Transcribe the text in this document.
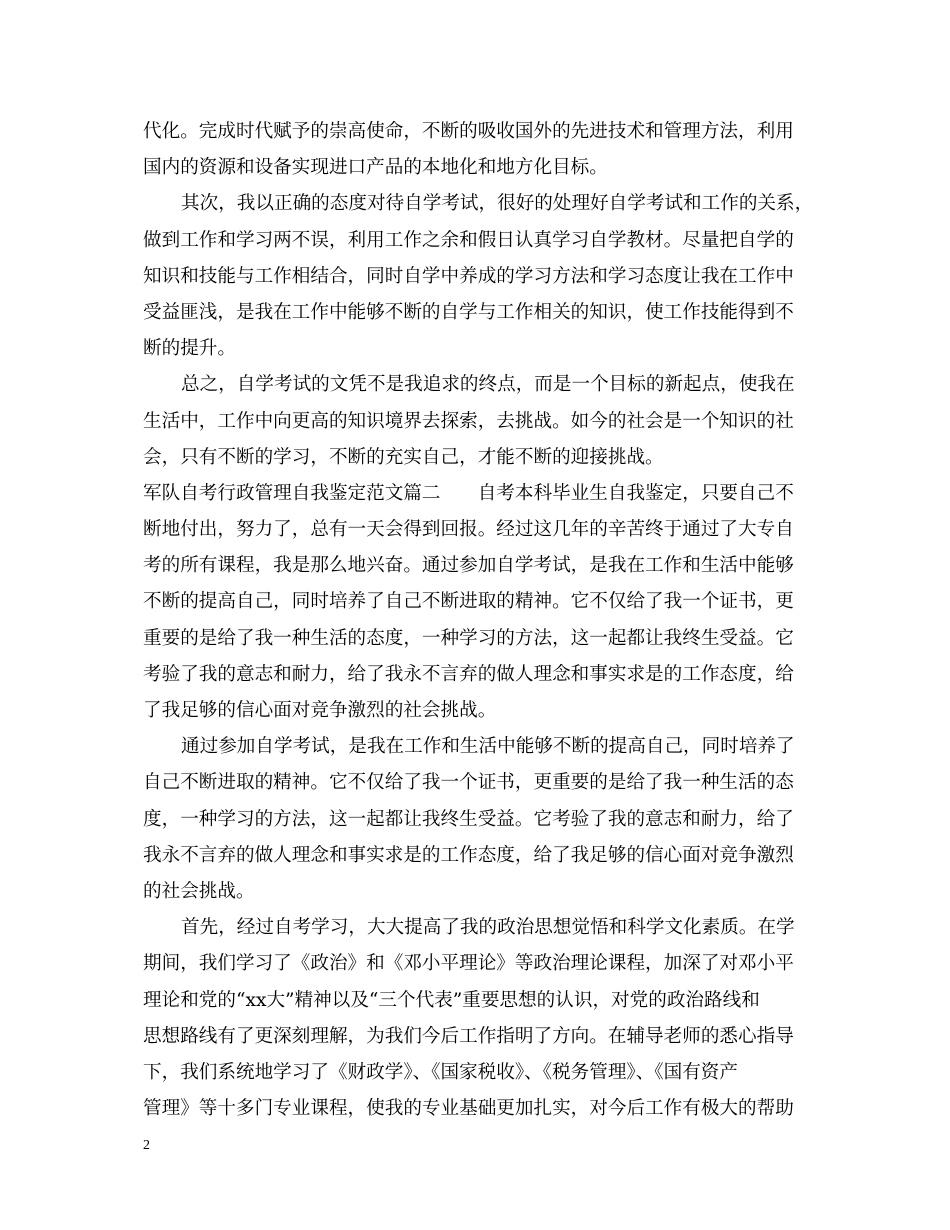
代化。完成时代赋予的崇高使命，不断的吸收国外的先进技术和管理方法，利用
国内的资源和设备实现进口产品的本地化和地方化目标。
其次，我以正确的态度对待自学考试，很好的处理好自学考试和工作的关系，
做到工作和学习两不误，利用工作之余和假日认真学习自学教材。尽量把自学的
知识和技能与工作相结合，同时自学中养成的学习方法和学习态度让我在工作中
受益匪浅，是我在工作中能够不断的自学与工作相关的知识，使工作技能得到不
断的提升。
总之，自学考试的文凭不是我追求的终点，而是一个目标的新起点，使我在
生活中，工作中向更高的知识境界去探索，去挑战。如今的社会是一个知识的社
会，只有不断的学习，不断的充实自己，才能不断的迎接挑战。
军队自考行政管理自我鉴定范文篇二　　自考本科毕业生自我鉴定，只要自己不
断地付出，努力了，总有一天会得到回报。经过这几年的辛苦终于通过了大专自
考的所有课程，我是那么地兴奋。通过参加自学考试，是我在工作和生活中能够
不断的提高自己，同时培养了自己不断进取的精神。它不仅给了我一个证书，更
重要的是给了我一种生活的态度，一种学习的方法，这一起都让我终生受益。它
考验了我的意志和耐力，给了我永不言弃的做人理念和事实求是的工作态度，给
了我足够的信心面对竞争激烈的社会挑战。
通过参加自学考试，是我在工作和生活中能够不断的提高自己，同时培养了
自己不断进取的精神。它不仅给了我一个证书，更重要的是给了我一种生活的态
度，一种学习的方法，这一起都让我终生受益。它考验了我的意志和耐力，给了
我永不言弃的做人理念和事实求是的工作态度，给了我足够的信心面对竞争激烈
的社会挑战。
首先，经过自考学习，大大提高了我的政治思想觉悟和科学文化素质。在学
期间，我们学习了《政治》和《邓小平理论》等政治理论课程，加深了对邓小平
理论和党的“xx大”精神以及“三个代表”重要思想的认识，对党的政治路线和
思想路线有了更深刻理解，为我们今后工作指明了方向。在辅导老师的悉心指导
下，我们系统地学习了《财政学》、《国家税收》、《税务管理》、《国有资产
管理》等十多门专业课程，使我的专业基础更加扎实，对今后工作有极大的帮助
2
